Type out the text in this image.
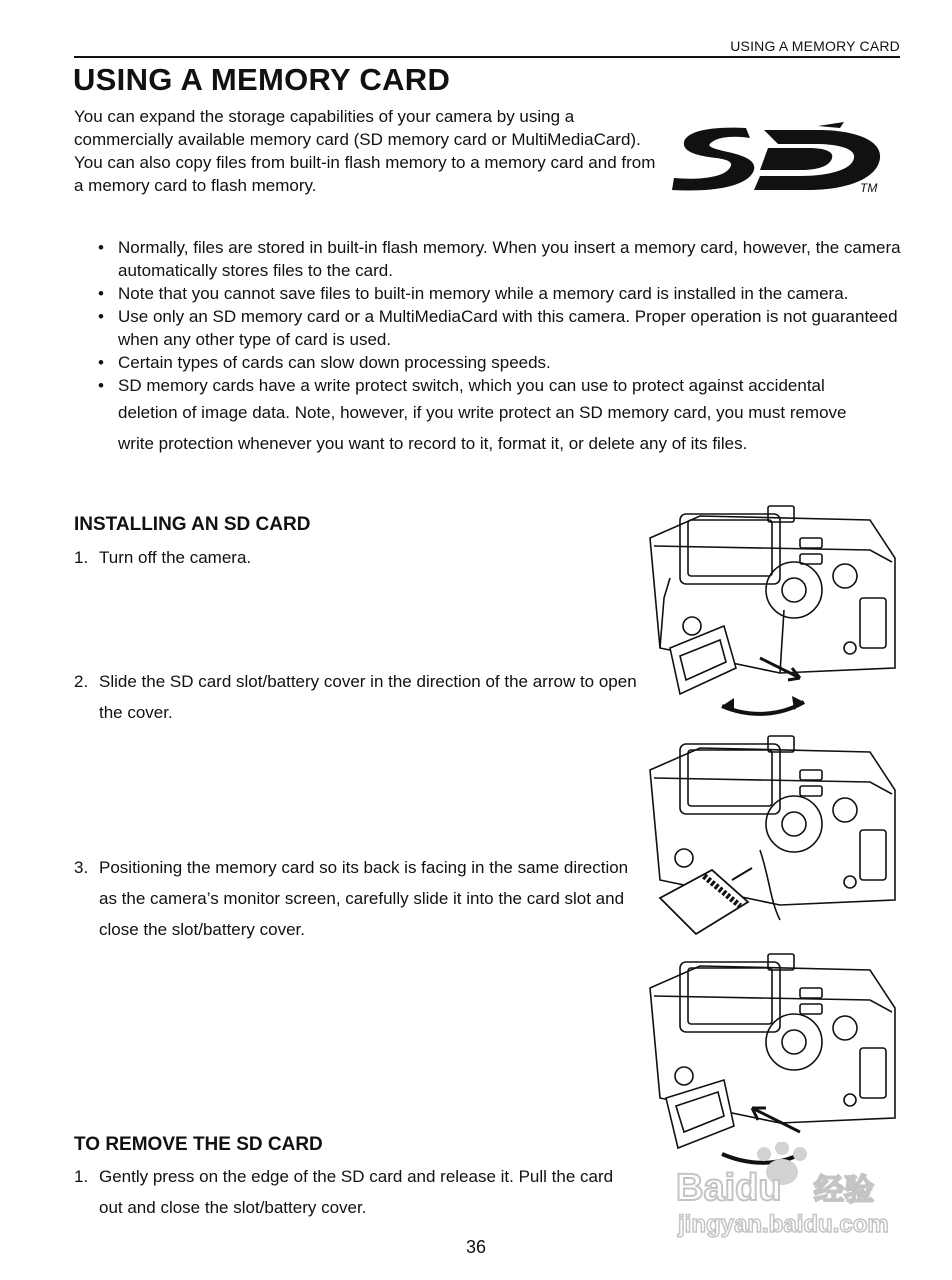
USING A MEMORY CARD
USING A MEMORY CARD

You can expand the storage capabilities of your camera by using a commercially available memory card (SD memory card or MultiMediaCard). You can also copy files from built-in flash memory to a memory card and from a memory card to flash memory.	TM
• Normally, files are stored in built-in flash memory. When you insert a memory card, however, the camera automatically stores files to the card.
• Note that you cannot save files to built-in memory while a memory card is installed in the camera.
• Use only an SD memory card or a MultiMediaCard with this camera. Proper operation is not guaranteed when any other type of card is used.
• Certain types of cards can slow down processing speeds.
• SD memory cards have a write protect switch, which you can use to protect against accidental
deletion of image data. Note, however, if you write protect an SD memory card, you must remove
write protection whenever you want to record to it, format it, or delete any of its files.
INSTALLING AN SD CARD
1. Turn off the camera.
2. Slide the SD card slot/battery cover in the direction of the arrow to open the cover.
3. Positioning the memory card so its back is facing in the same direction as the camera’s monitor screen, carefully slide it into the card slot and close the slot/battery cover.
TO REMOVE THE SD CARD
1. Gently press on the edge of the SD card and release it. Pull the card out and close the slot/battery cover.	Baidu 经验
jingyan.baidu.com
36
